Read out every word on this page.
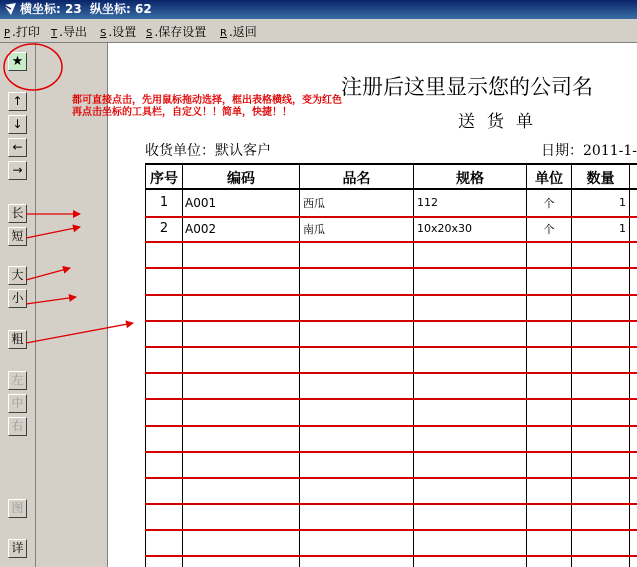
横坐标: 23  纵坐标: 62
P .打印 T .导出 S .设置 S .保存设置 R .返回
★
↑
↓
←
→
长
短
大
小
粗
左
中
右
图
详
注册后这里显示您的公司名
送货单
收货单位：默认客户	日期：2011-1-
序号	编码	品名	规格	单位	数量
1	A001	西瓜	112	个	1
2	A002	南瓜	10x20x30	个	1
都可直接点击，先用鼠标拖动选择，框出表格横线，变为红色
再点击坐标的工具栏，自定义！！简单，快捷！！
